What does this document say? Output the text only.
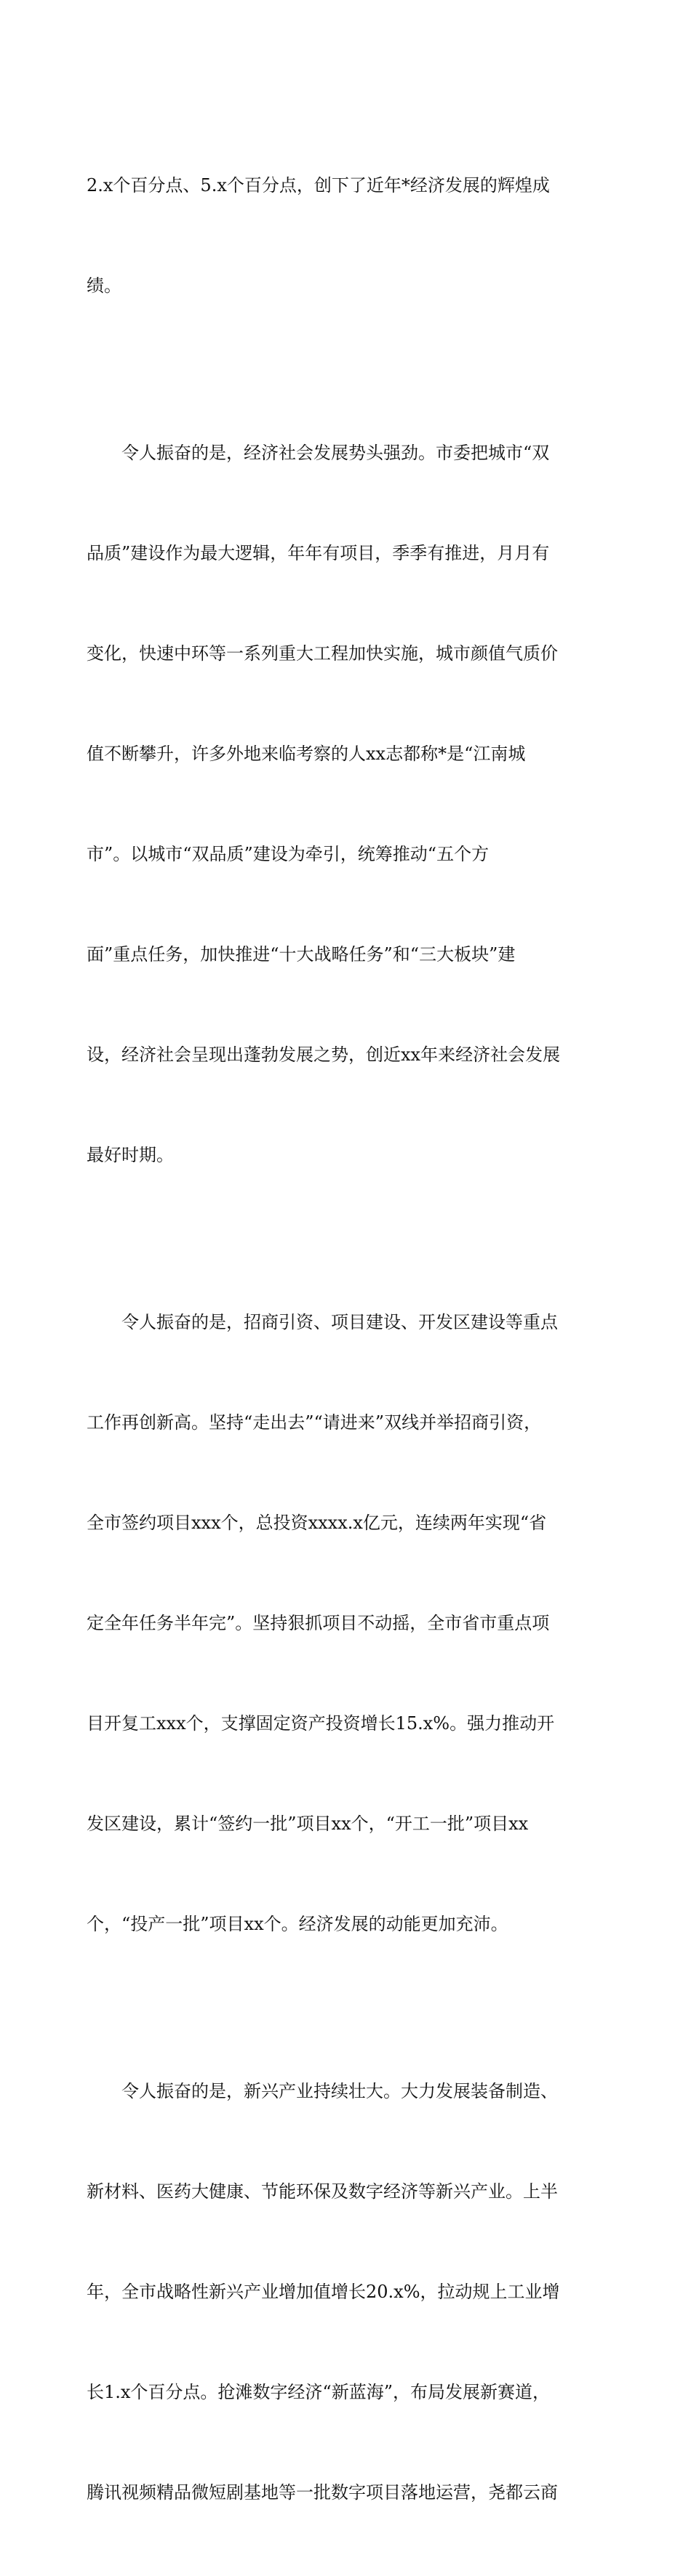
2.x个百分点、5.x个百分点，创下了近年*经济发展的辉煌成

绩。

令人振奋的是，经济社会发展势头强劲。市委把城市“双

品质”建设作为最大逻辑，年年有项目，季季有推进，月月有

变化，快速中环等一系列重大工程加快实施，城市颜值气质价

值不断攀升，许多外地来临考察的人xx志都称*是“江南城

市”。以城市“双品质”建设为牵引，统筹推动“五个方

面”重点任务，加快推进“十大战略任务”和“三大板块”建

设，经济社会呈现出蓬勃发展之势，创近xx年来经济社会发展

最好时期。

令人振奋的是，招商引资、项目建设、开发区建设等重点

工作再创新高。坚持“走出去”“请进来”双线并举招商引资，

全市签约项目xxx个，总投资xxxx.x亿元，连续两年实现“省

定全年任务半年完”。坚持狠抓项目不动摇，全市省市重点项

目开复工xxx个，支撑固定资产投资增长15.x%。强力推动开

发区建设，累计“签约一批”项目xx个，“开工一批”项目xx

个，“投产一批”项目xx个。经济发展的动能更加充沛。

令人振奋的是，新兴产业持续壮大。大力发展装备制造、

新材料、医药大健康、节能环保及数字经济等新兴产业。上半

年，全市战略性新兴产业增加值增长20.x%，拉动规上工业增

长1.x个百分点。抢滩数字经济“新蓝海”，布局发展新赛道，

腾讯视频精品微短剧基地等一批数字项目落地运营，尧都云商
